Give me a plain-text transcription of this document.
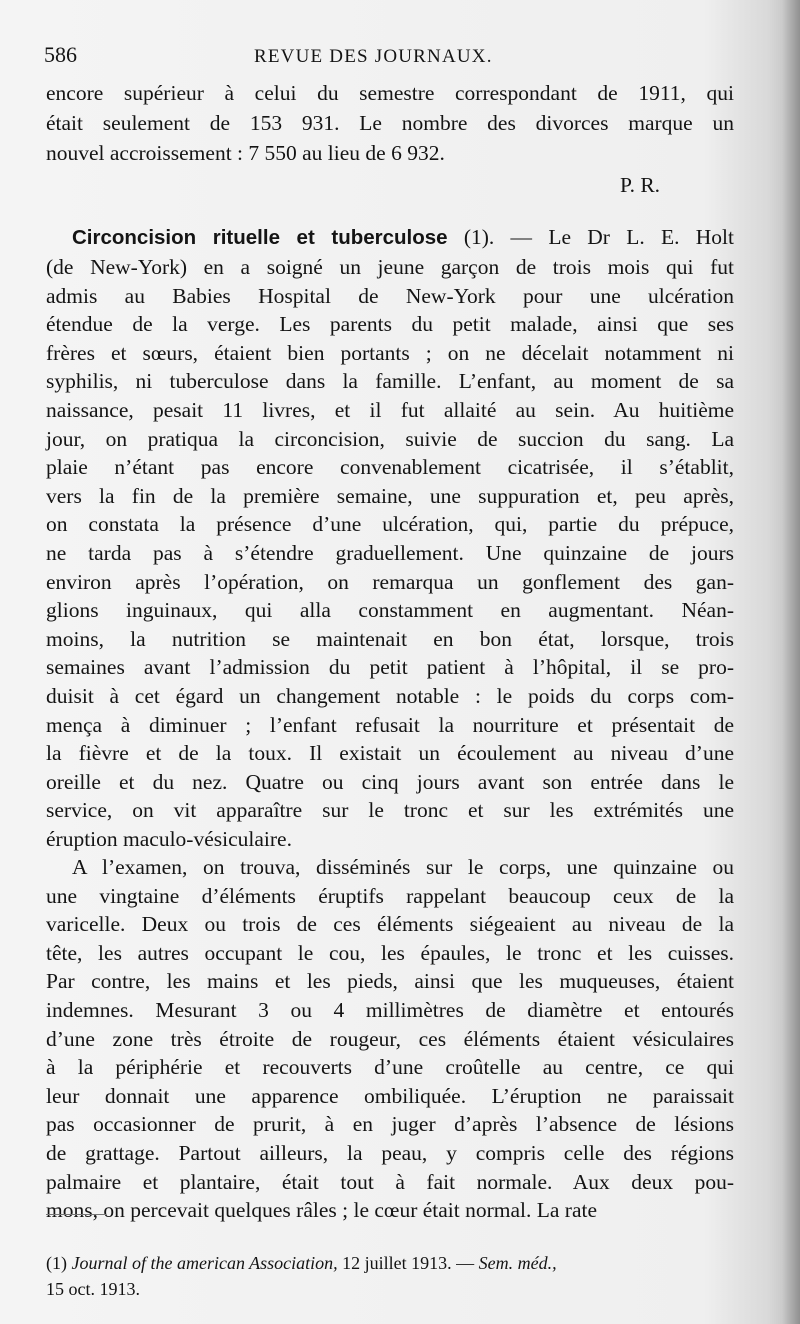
586	REVUE DES JOURNAUX.
encore supérieur à celui du semestre correspondant de 1911, qui
était seulement de 153 931. Le nombre des divorces marque un
nouvel accroissement : 7 550 au lieu de 6 932.
P. R.
Circoncision rituelle et tuberculose (1). — Le Dr L. E. Holt
(de New-York) en a soigné un jeune garçon de trois mois qui fut
admis au Babies Hospital de New-York pour une ulcération
étendue de la verge. Les parents du petit malade, ainsi que ses
frères et sœurs, étaient bien portants ; on ne décelait notamment ni
syphilis, ni tuberculose dans la famille. L’enfant, au moment de sa
naissance, pesait 11 livres, et il fut allaité au sein. Au huitième
jour, on pratiqua la circoncision, suivie de succion du sang. La
plaie n’étant pas encore convenablement cicatrisée, il s’établit,
vers la fin de la première semaine, une suppuration et, peu après,
on constata la présence d’une ulcération, qui, partie du prépuce,
ne tarda pas à s’étendre graduellement. Une quinzaine de jours
environ après l’opération, on remarqua un gonflement des gan-
glions inguinaux, qui alla constamment en augmentant. Néan-
moins, la nutrition se maintenait en bon état, lorsque, trois
semaines avant l’admission du petit patient à l’hôpital, il se pro-
duisit à cet égard un changement notable : le poids du corps com-
mença à diminuer ; l’enfant refusait la nourriture et présentait de
la fièvre et de la toux. Il existait un écoulement au niveau d’une
oreille et du nez. Quatre ou cinq jours avant son entrée dans le
service, on vit apparaître sur le tronc et sur les extrémités une
éruption maculo-vésiculaire.
A l’examen, on trouva, disséminés sur le corps, une quinzaine ou
une vingtaine d’éléments éruptifs rappelant beaucoup ceux de la
varicelle. Deux ou trois de ces éléments siégeaient au niveau de la
tête, les autres occupant le cou, les épaules, le tronc et les cuisses.
Par contre, les mains et les pieds, ainsi que les muqueuses, étaient
indemnes. Mesurant 3 ou 4 millimètres de diamètre et entourés
d’une zone très étroite de rougeur, ces éléments étaient vésiculaires
à la périphérie et recouverts d’une croûtelle au centre, ce qui
leur donnait une apparence ombiliquée. L’éruption ne paraissait
pas occasionner de prurit, à en juger d’après l’absence de lésions
de grattage. Partout ailleurs, la peau, y compris celle des régions
palmaire et plantaire, était tout à fait normale. Aux deux pou-
mons, on percevait quelques râles ; le cœur était normal. La rate
(1) Journal of the american Association, 12 juillet 1913. — Sem. méd.,
15 oct. 1913.
